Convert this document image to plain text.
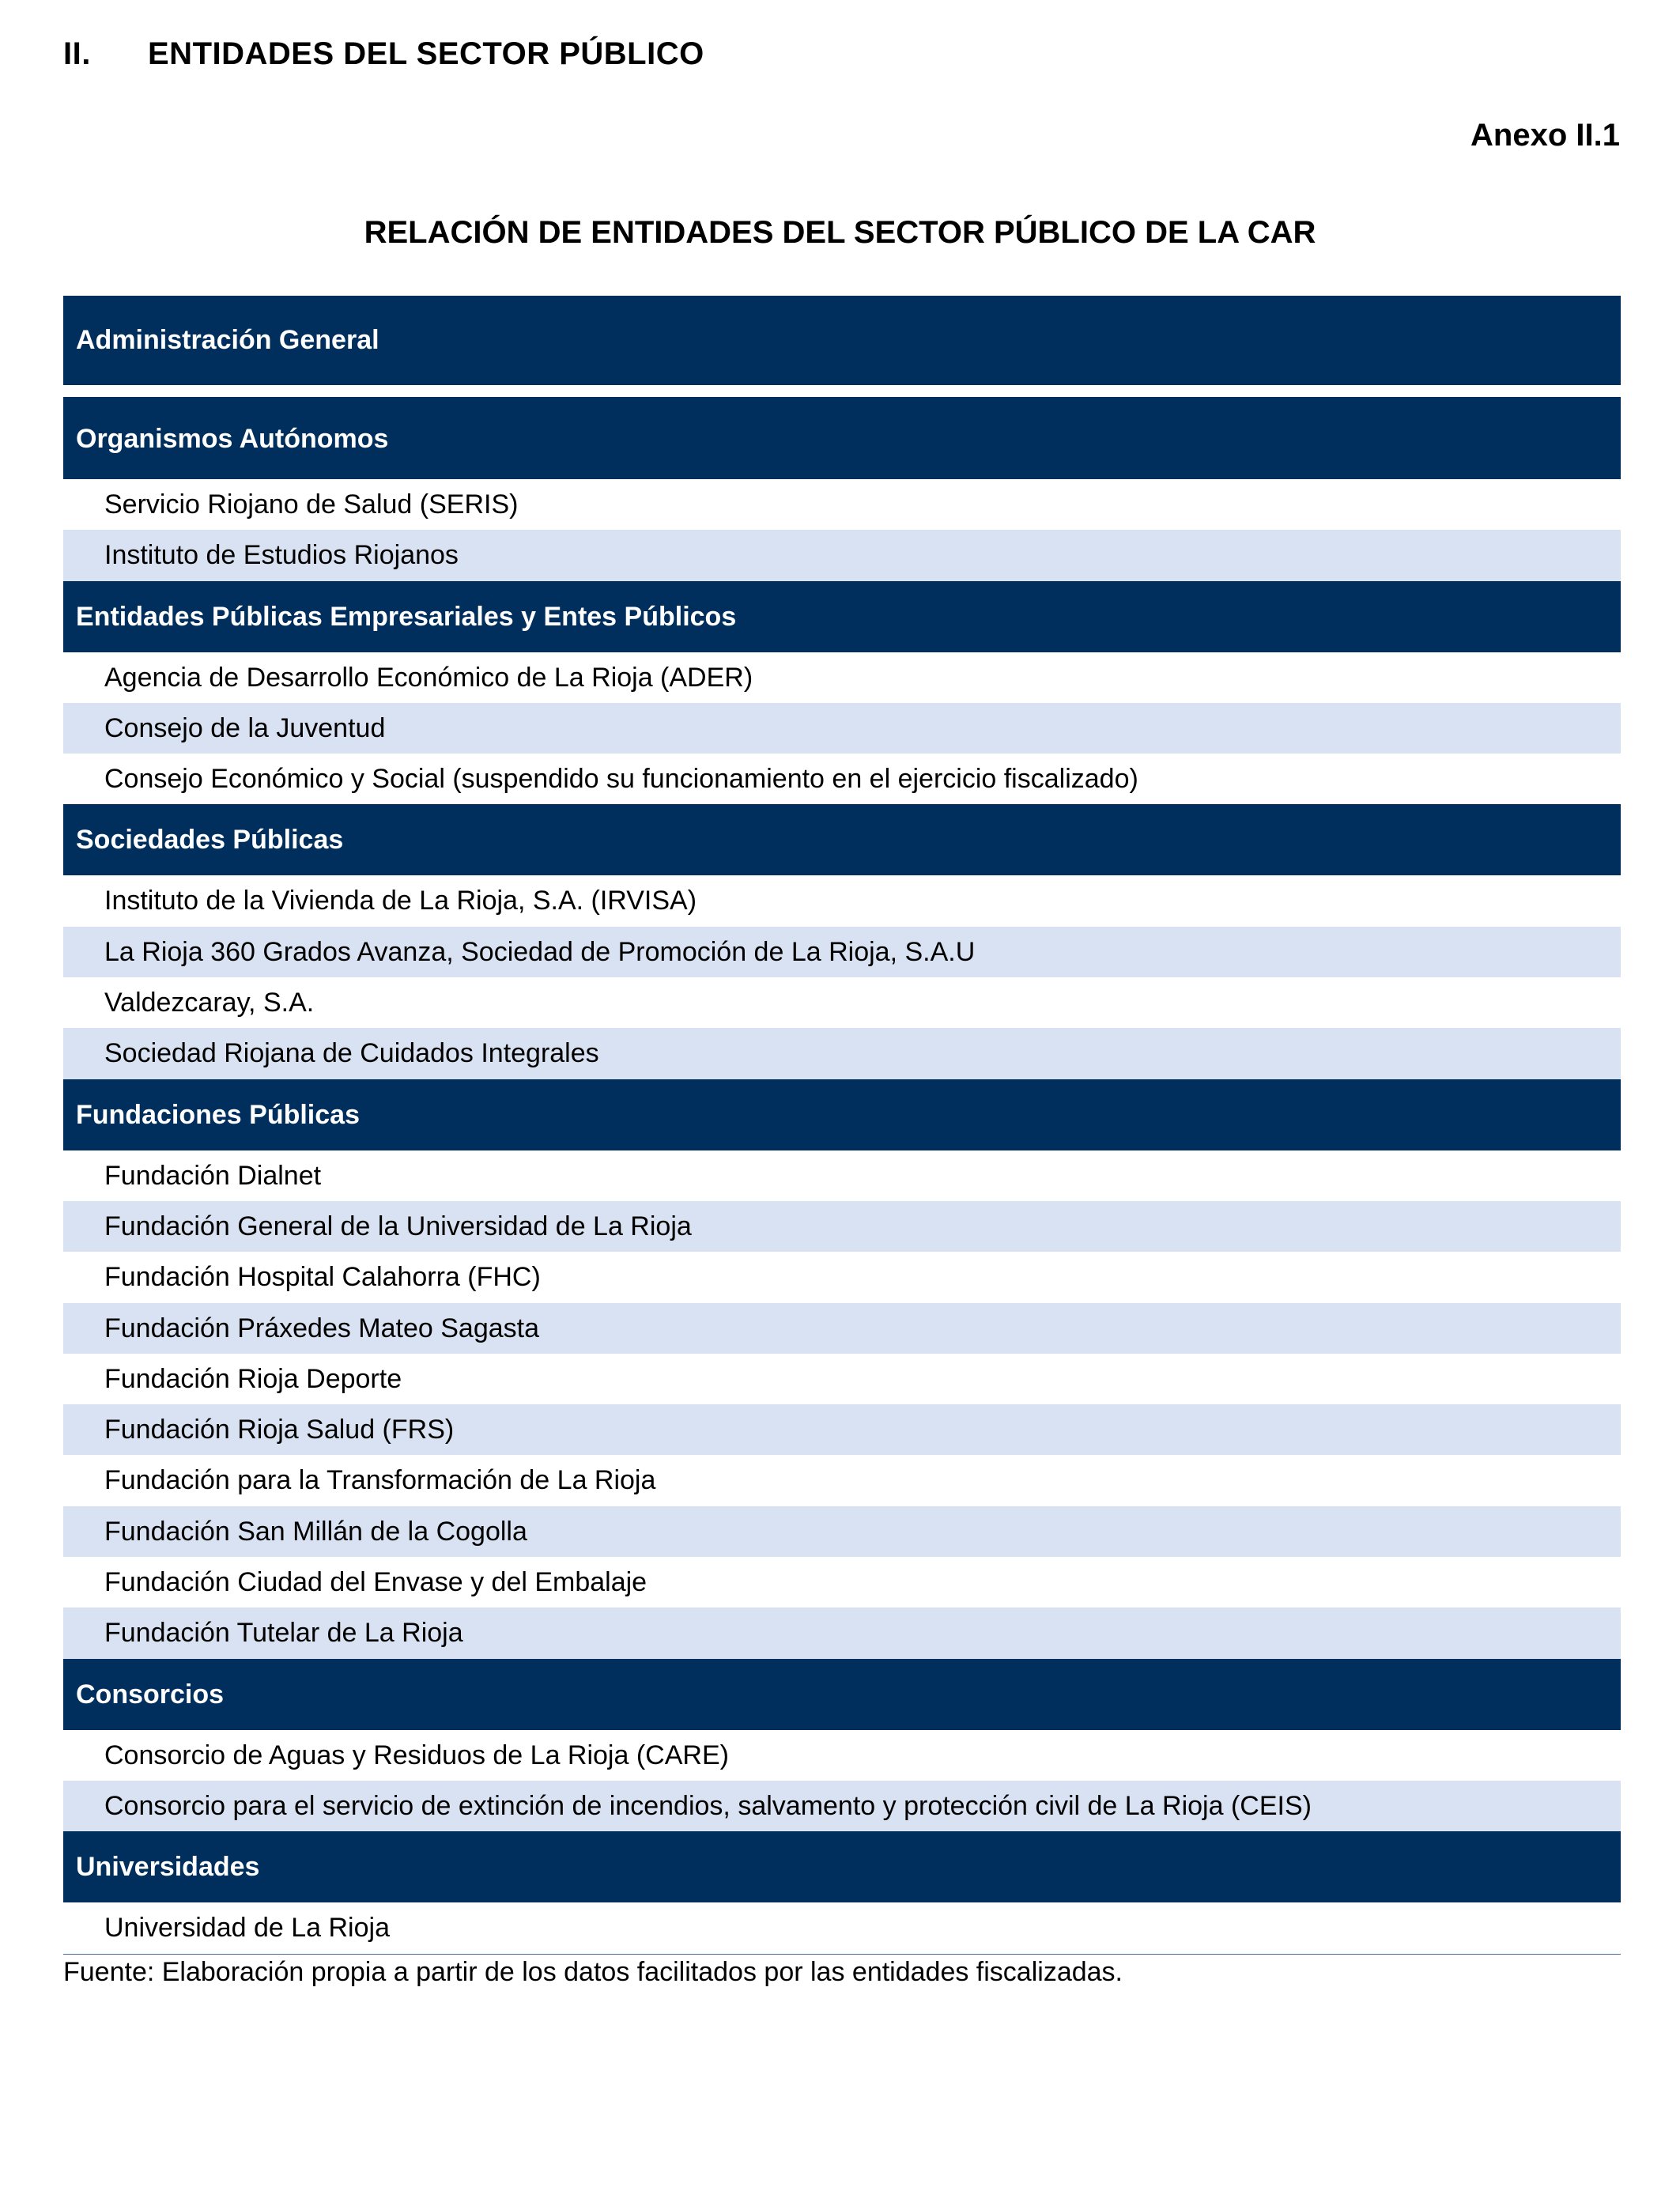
II. ENTIDADES DEL SECTOR PÚBLICO
Anexo II.1
RELACIÓN DE ENTIDADES DEL SECTOR PÚBLICO DE LA CAR
Administración General
Organismos Autónomos
Servicio Riojano de Salud (SERIS)
Instituto de Estudios Riojanos
Entidades Públicas Empresariales y Entes Públicos
Agencia de Desarrollo Económico de La Rioja (ADER)
Consejo de la Juventud
Consejo Económico y Social (suspendido su funcionamiento en el ejercicio fiscalizado)
Sociedades Públicas
Instituto de la Vivienda de La Rioja, S.A. (IRVISA)
La Rioja 360 Grados Avanza, Sociedad de Promoción de La Rioja, S.A.U
Valdezcaray, S.A.
Sociedad Riojana de Cuidados Integrales
Fundaciones Públicas
Fundación Dialnet
Fundación General de la Universidad de La Rioja
Fundación Hospital Calahorra (FHC)
Fundación Práxedes Mateo Sagasta
Fundación Rioja Deporte
Fundación Rioja Salud (FRS)
Fundación para la Transformación de La Rioja
Fundación San Millán de la Cogolla
Fundación Ciudad del Envase y del Embalaje
Fundación Tutelar de La Rioja
Consorcios
Consorcio de Aguas y Residuos de La Rioja (CARE)
Consorcio para el servicio de extinción de incendios, salvamento y protección civil de La Rioja (CEIS)
Universidades
Universidad de La Rioja
Fuente: Elaboración propia a partir de los datos facilitados por las entidades fiscalizadas.
